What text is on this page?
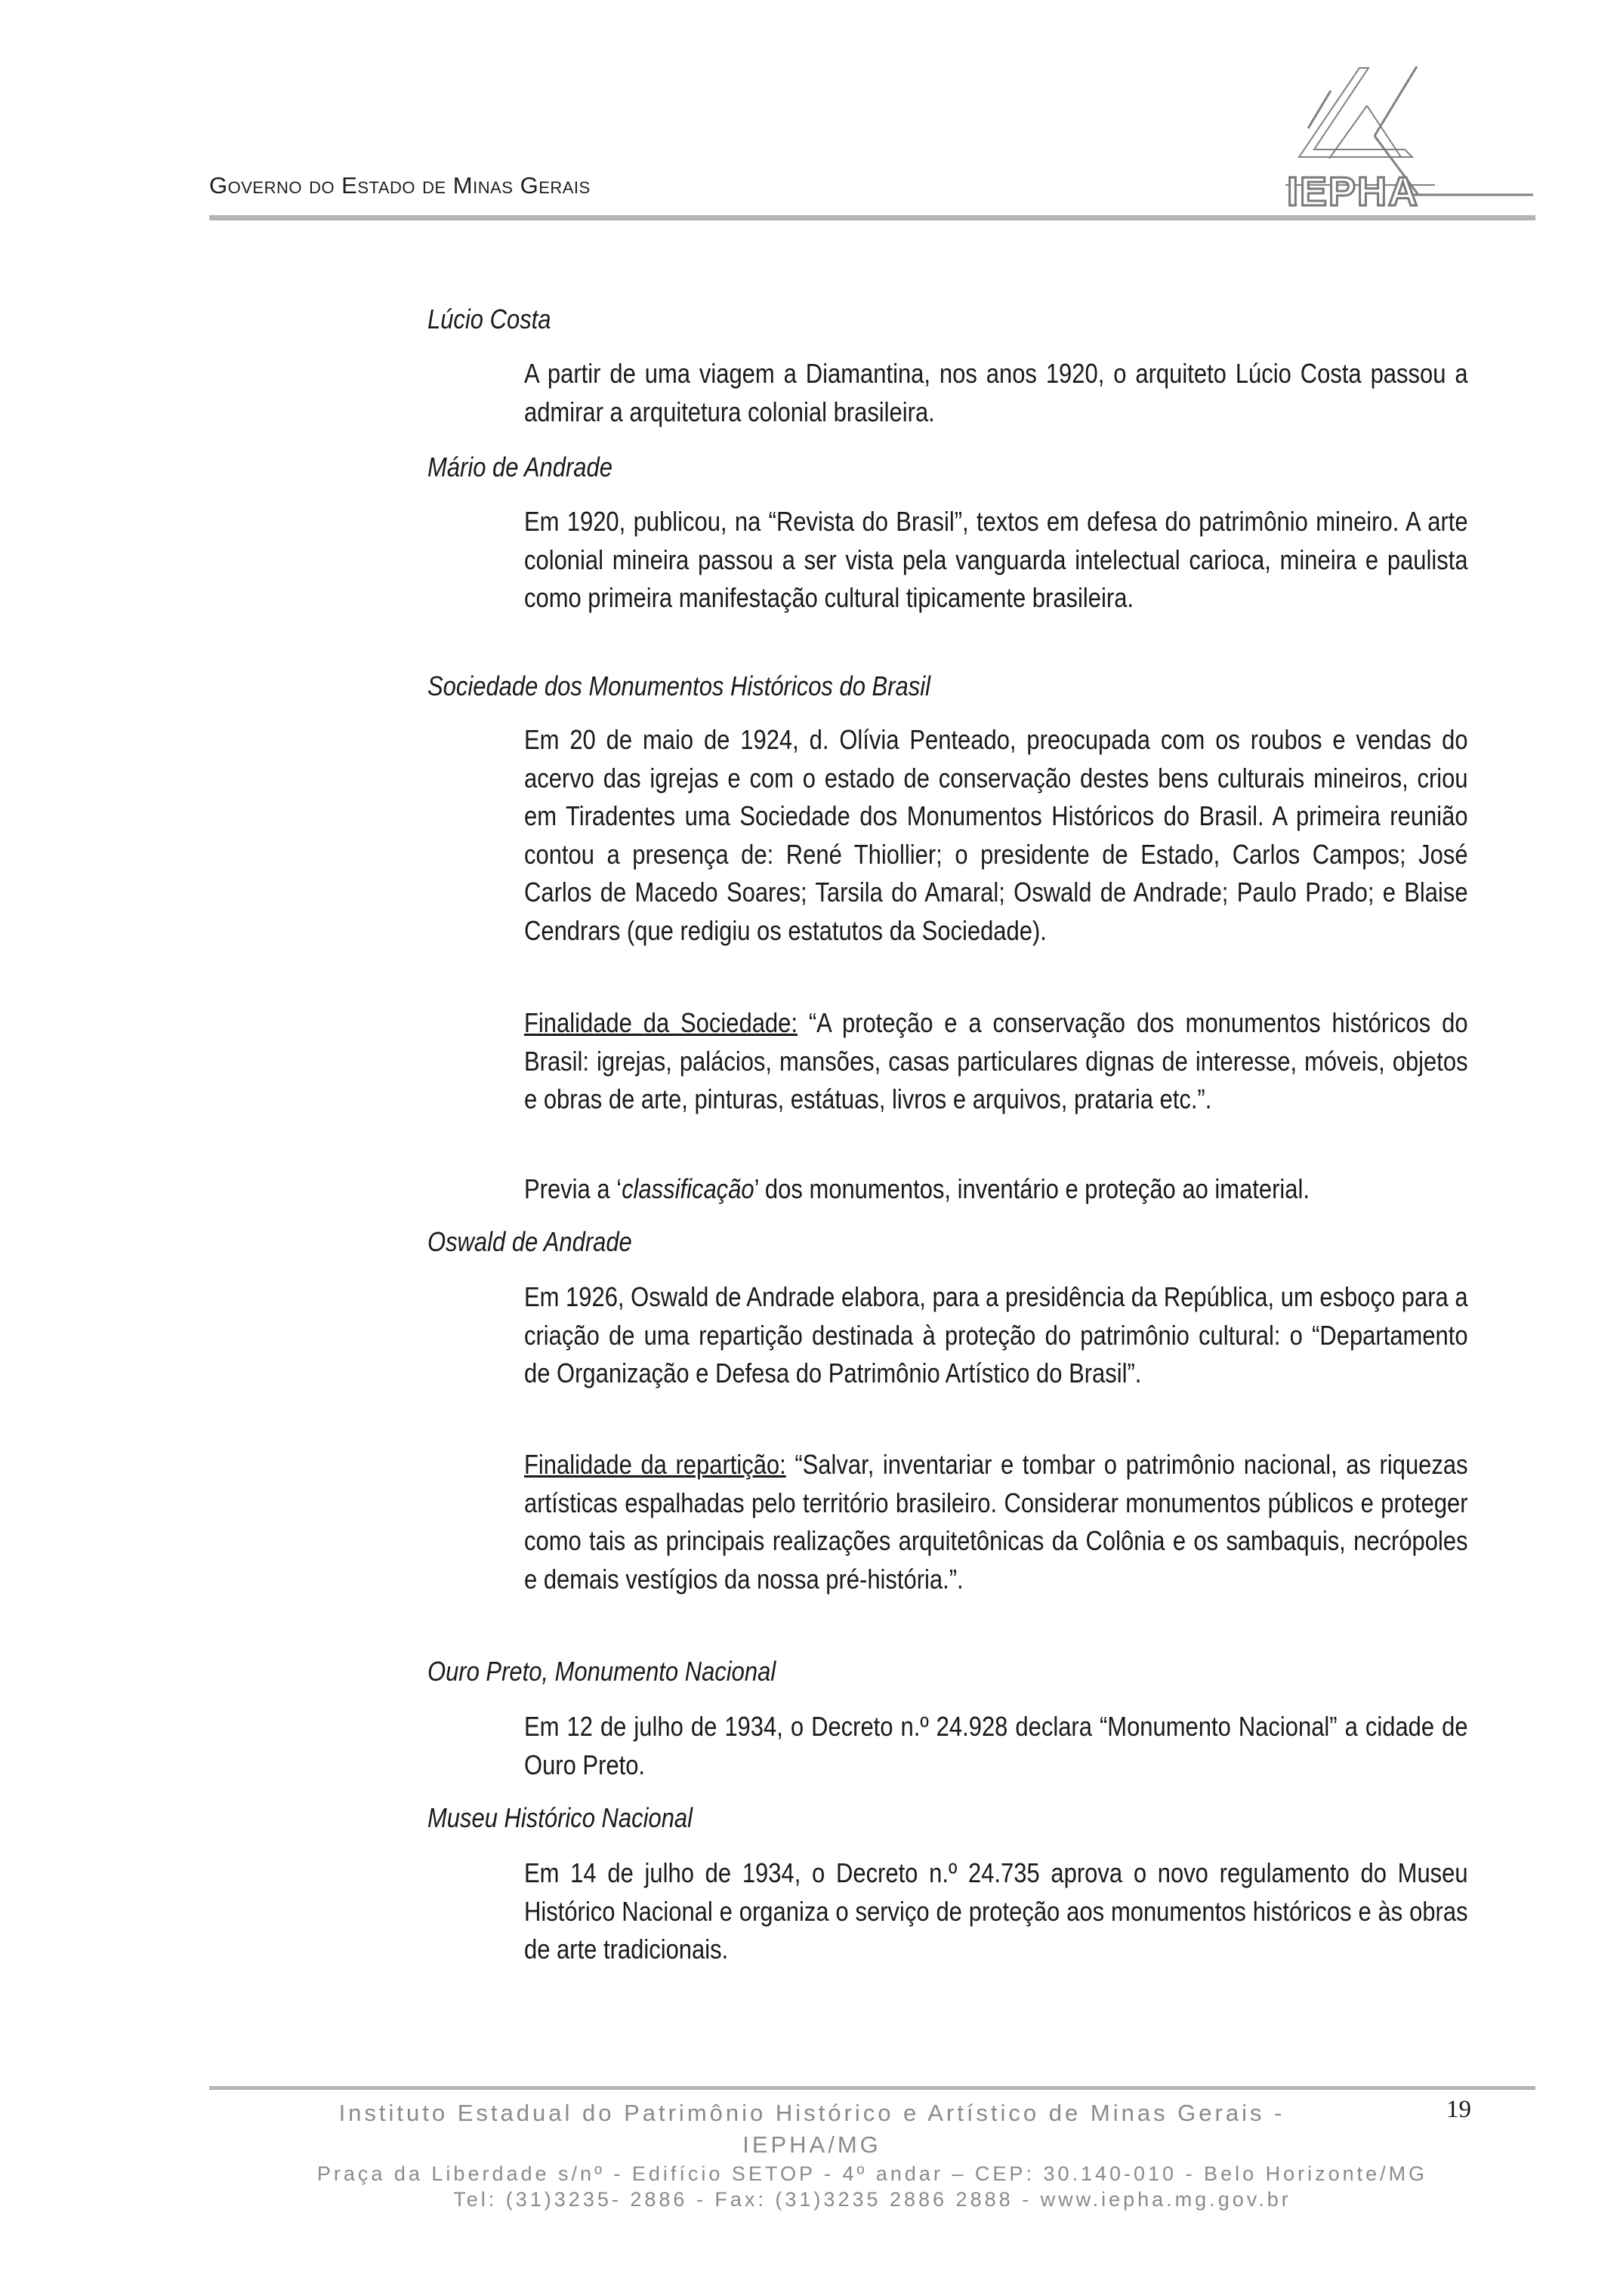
Governo do Estado de Minas Gerais	IEPHA
Lúcio Costa
A partir de uma viagem a Diamantina, nos anos 1920, o arquiteto Lúcio Costa passou a admirar a arquitetura colonial brasileira.
Mário de Andrade
Em 1920, publicou, na “Revista do Brasil”, textos em defesa do patrimônio mineiro. A arte colonial mineira passou a ser vista pela vanguarda intelectual carioca, mineira e paulista como primeira manifestação cultural tipicamente brasileira.
Sociedade dos Monumentos Históricos do Brasil
Em 20 de maio de 1924, d. Olívia Penteado, preocupada com os roubos e vendas do acervo das igrejas e com o estado de conservação destes bens culturais mineiros, criou em Tiradentes uma Sociedade dos Monumentos Históricos do Brasil. A primeira reunião contou a presença de: René Thiollier; o presidente de Estado, Carlos Campos; José Carlos de Macedo Soares; Tarsila do Amaral; Oswald de Andrade; Paulo Prado; e Blaise Cendrars (que redigiu os estatutos da Sociedade).
Finalidade da Sociedade: “A proteção e a conservação dos monumentos históricos do Brasil: igrejas, palácios, mansões, casas particulares dignas de interesse, móveis, objetos e obras de arte, pinturas, estátuas, livros e arquivos, prataria etc.”.
Previa a ‘classificação’ dos monumentos, inventário e proteção ao imaterial.
Oswald de Andrade
Em 1926, Oswald de Andrade elabora, para a presidência da República, um esboço para a criação de uma repartição destinada à proteção do patrimônio cultural: o “Departamento de Organização e Defesa do Patrimônio Artístico do Brasil”.
Finalidade da repartição: “Salvar, inventariar e tombar o patrimônio nacional, as riquezas artísticas espalhadas pelo território brasileiro. Considerar monumentos públicos e proteger como tais as principais realizações arquitetônicas da Colônia e os sambaquis, necrópoles e demais vestígios da nossa pré-história.”.
Ouro Preto, Monumento Nacional
Em 12 de julho de 1934, o Decreto n.º 24.928 declara “Monumento Nacional” a cidade de Ouro Preto.
Museu Histórico Nacional
Em 14 de julho de 1934, o Decreto n.º 24.735 aprova o novo regulamento do Museu Histórico Nacional e organiza o serviço de proteção aos monumentos históricos e às obras de arte tradicionais.
Instituto Estadual do Patrimônio Histórico e Artístico de Minas Gerais -
IEPHA/MG
Praça da Liberdade s/nº - Edifício SETOP - 4º andar – CEP: 30.140-010 - Belo Horizonte/MG
Tel: (31)3235- 2886 - Fax: (31)3235 2886 2888 - www.iepha.mg.gov.br
19
